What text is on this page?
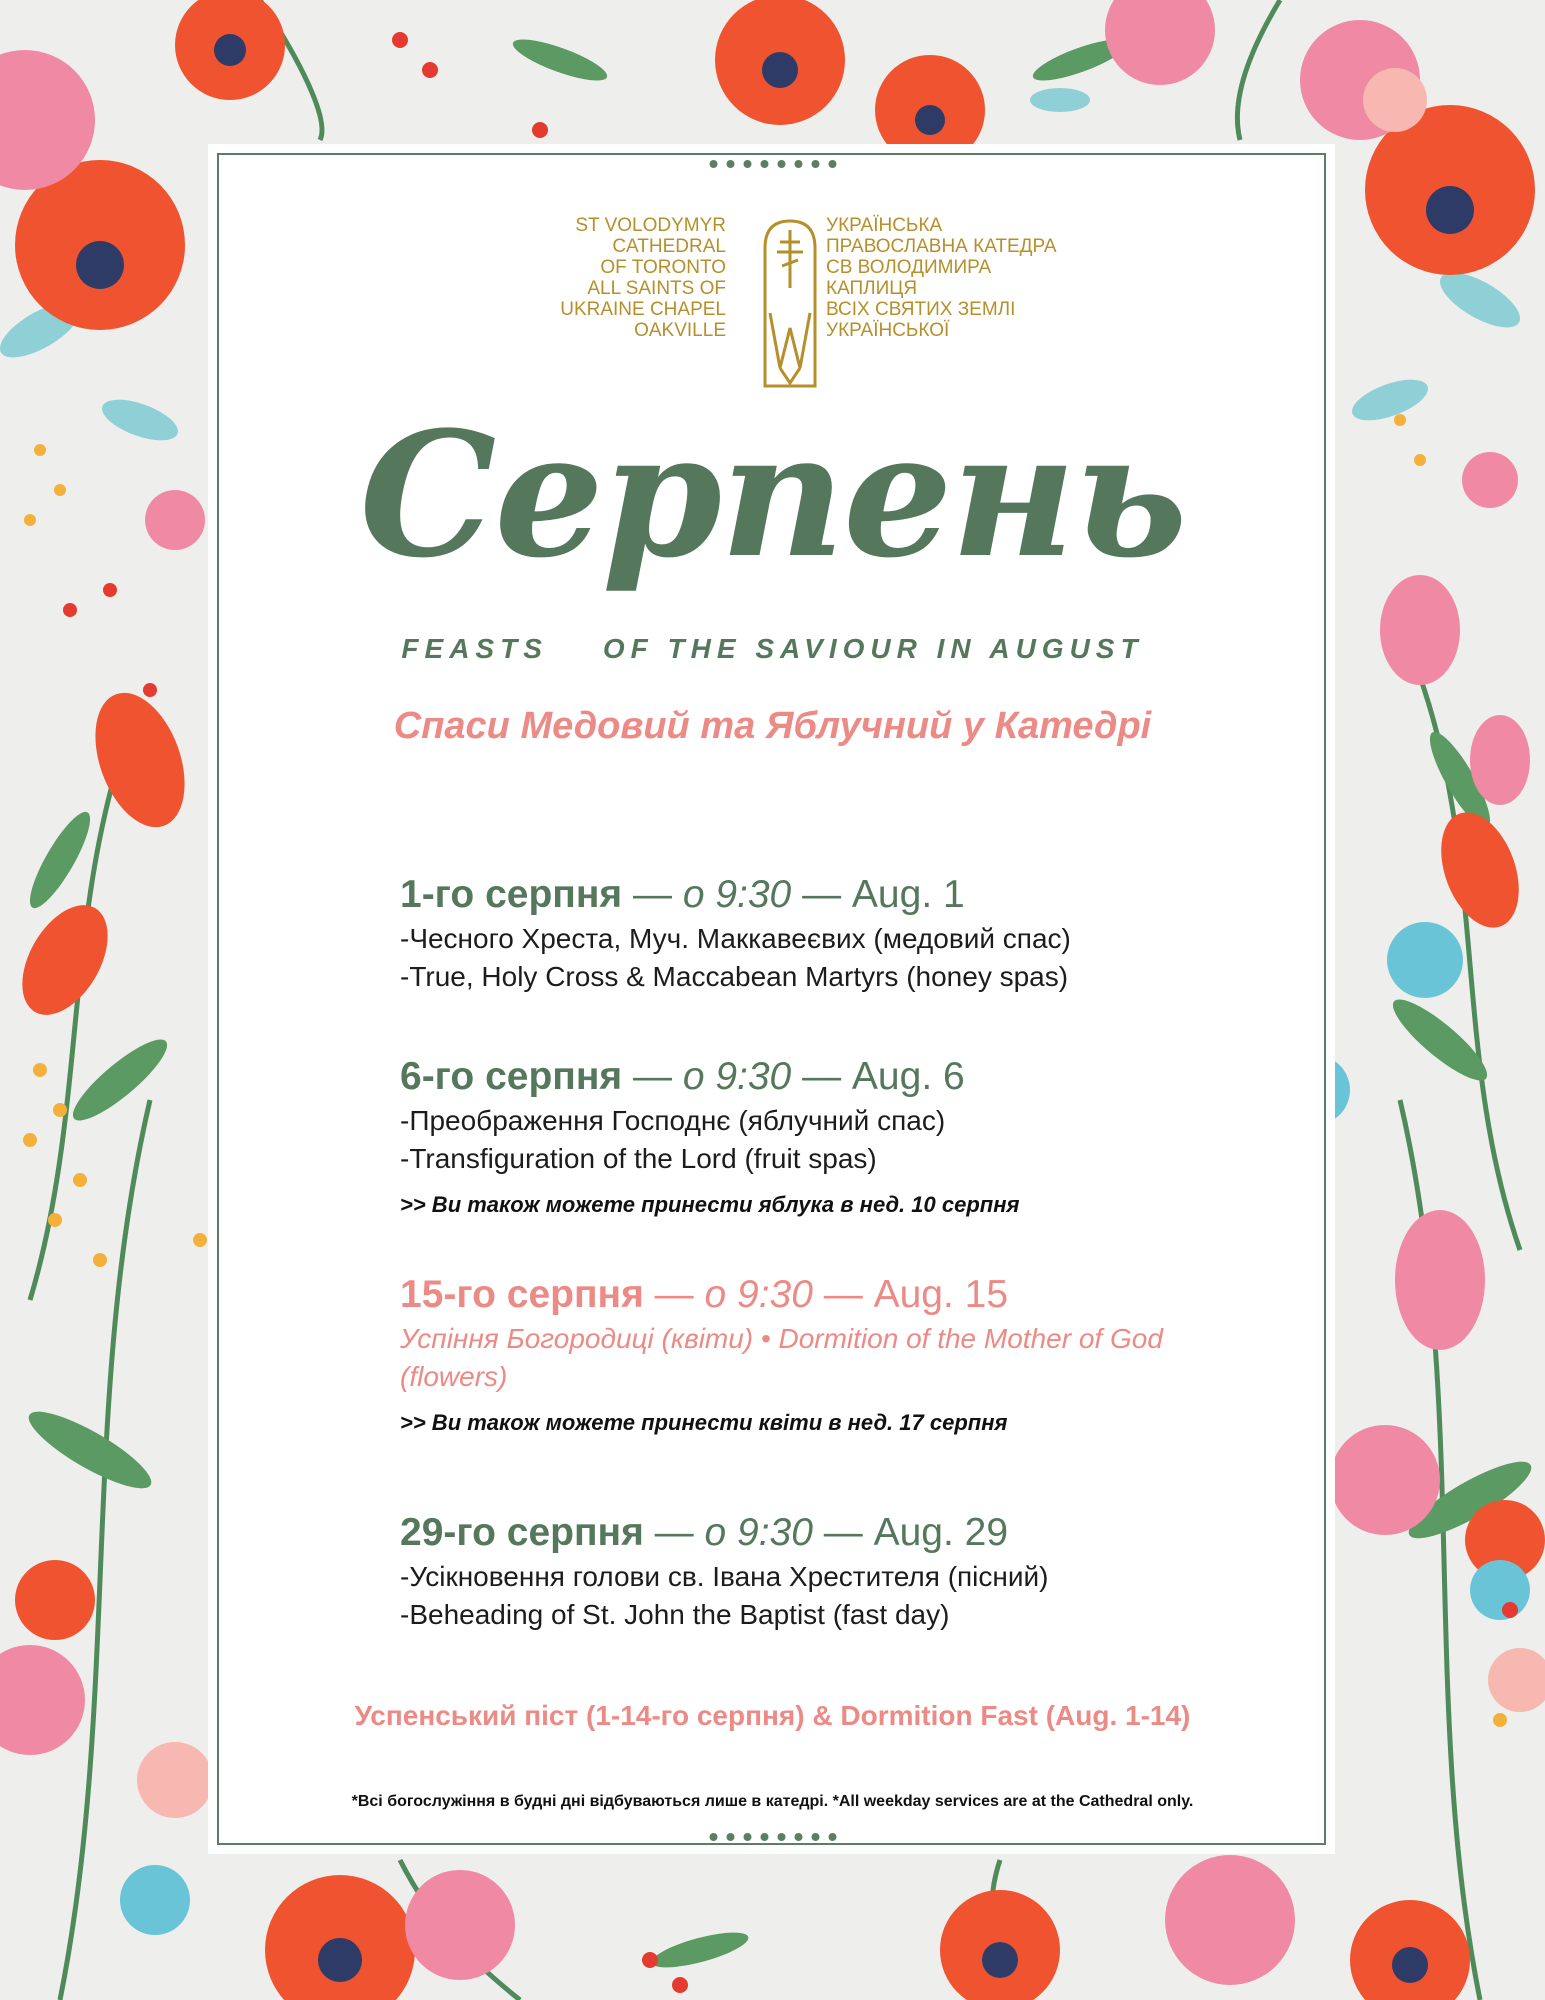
ST VOLODYMYR
CATHEDRAL
OF TORONTO
ALL SAINTS OF
UKRAINE CHAPEL
OAKVILLE
УКРАЇНСЬКА
ПРАВОСЛАВНА КАТЕДРА
СВ ВОЛОДИМИРА
КАПЛИЦЯ
ВСІХ СВЯТИХ ЗЕМЛІ
УКРАЇНСЬКОЇ
Серпень
FEASTS OF THE SAVIOUR IN AUGUST
Спаси Медовий та Яблучний у Катедрі
1-го серпня — о 9:30 — Aug. 1
-Чесного Хреста, Муч. Маккавеєвих (медовий спас)
-True, Holy Cross & Maccabean Martyrs (honey spas)
6-го серпня — о 9:30 — Aug. 6
-Преображення Господнє (яблучний спас)
-Transfiguration of the Lord (fruit spas)
>> Ви також можете принести яблука в нед. 10 серпня
15-го серпня — о 9:30 — Aug. 15
Успіння Богородиці (квіти) • Dormition of the Mother of God (flowers)
>> Ви також можете принести квіти в нед. 17 серпня
29-го серпня — о 9:30 — Aug. 29
-Усікновення голови св. Івана Хрестителя (пісний)
-Beheading of St. John the Baptist (fast day)
Успенський піст (1-14-го серпня) & Dormition Fast (Aug. 1-14)
*Всі богослужіння в будні дні відбуваються лише в катедрі. *All weekday services are at the Cathedral only.
